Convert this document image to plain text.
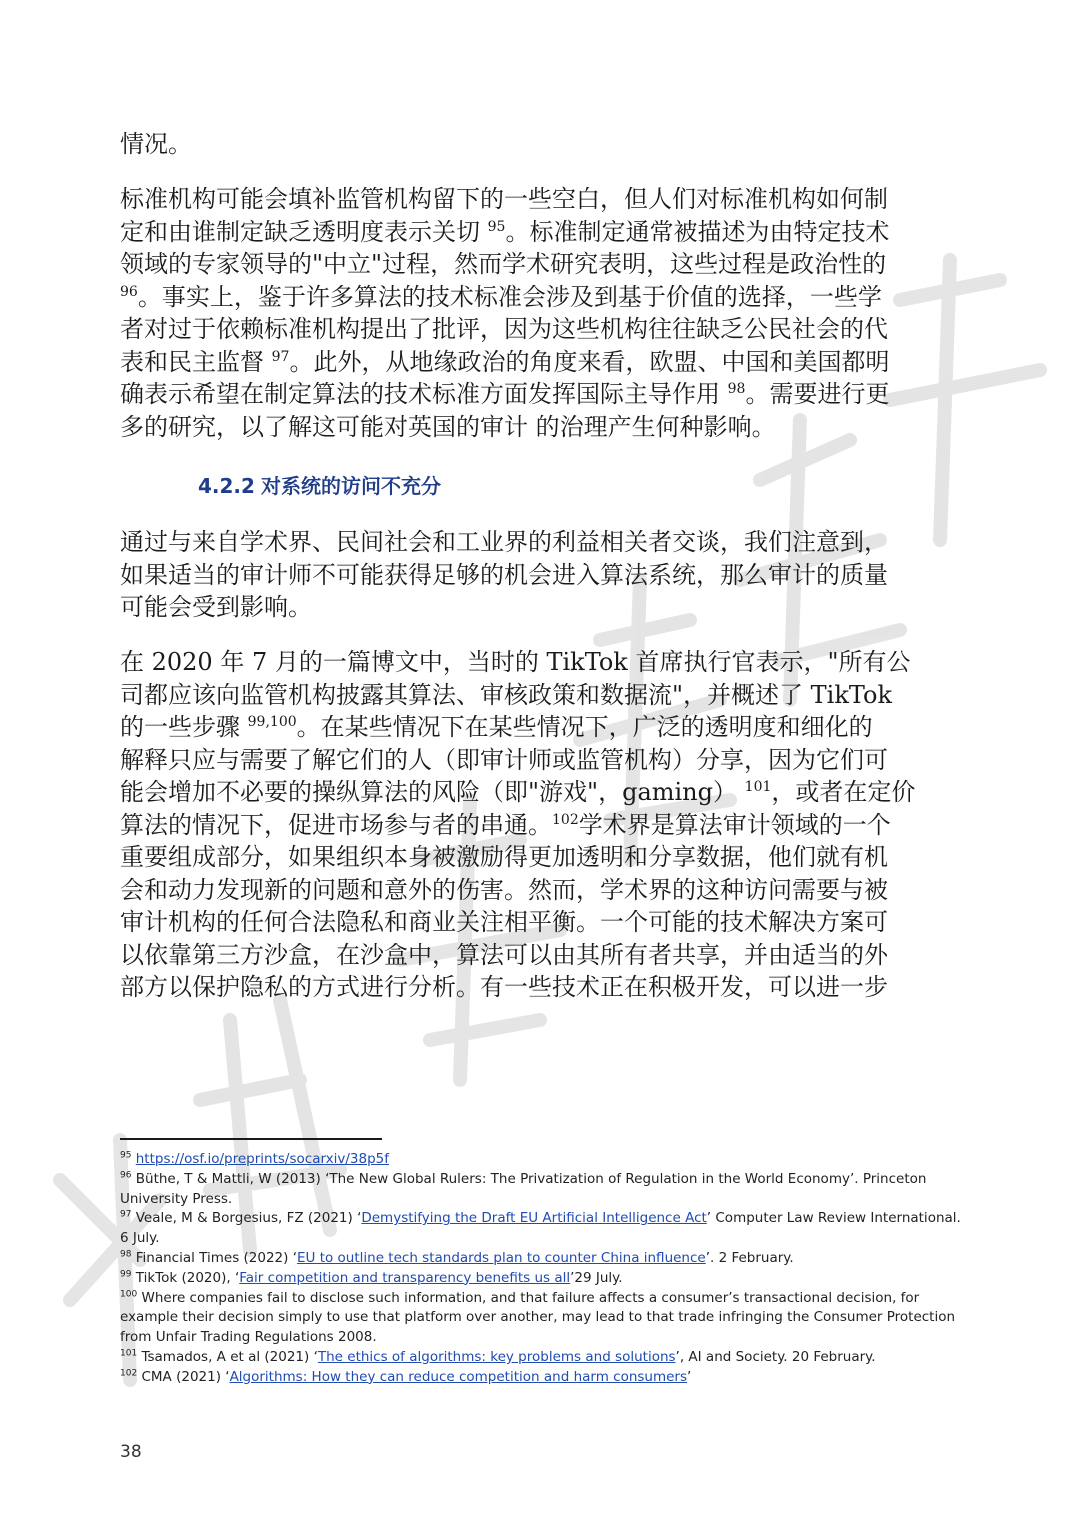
情况。
标准机构可能会填补监管机构留下的一些空白，但人们对标准机构如何制
定和由谁制定缺乏透明度表示关切 $^{95}$。标准制定通常被描述为由特定技术
领域的专家领导的"中立"过程，然而学术研究表明，这些过程是政治性的
$^{96}$。事实上，鉴于许多算法的技术标准会涉及到基于价值的选择，一些学
者对过于依赖标准机构提出了批评，因为这些机构往往缺乏公民社会的代
表和民主监督 $^{97}$。此外，从地缘政治的角度来看，欧盟、中国和美国都明
确表示希望在制定算法的技术标准方面发挥国际主导作用 $^{98}$。需要进行更
多的研究，以了解这可能对英国的审计 的治理产生何种影响。
4.2.2 对系统的访问不充分
通过与来自学术界、民间社会和工业界的利益相关者交谈，我们注意到，
如果适当的审计师不可能获得足够的机会进入算法系统，那么审计的质量
可能会受到影响。
在 2020 年 7 月的一篇博文中，当时的 TikTok 首席执行官表示，"所有公
司都应该向监管机构披露其算法、审核政策和数据流"，并概述了 TikTok
的一些步骤 $^{99,100}$。在某些情况下在某些情况下，广泛的透明度和细化的
解释只应与需要了解它们的人（即审计师或监管机构）分享，因为它们可
能会增加不必要的操纵算法的风险（即"游戏"，gaming） $^{101}$，或者在定价
算法的情况下，促进市场参与者的串通。$^{102}$学术界是算法审计领域的一个
重要组成部分，如果组织本身被激励得更加透明和分享数据，他们就有机
会和动力发现新的问题和意外的伤害。然而，学术界的这种访问需要与被
审计机构的任何合法隐私和商业关注相平衡。一个可能的技术解决方案可
以依靠第三方沙盒，在沙盒中，算法可以由其所有者共享，并由适当的外
部方以保护隐私的方式进行分析。有一些技术正在积极开发，可以进一步
$^{95}$ https://osf.io/preprints/socarxiv/38p5f
$^{96}$ Büthe, T & Mattli, W (2013) ‘The New Global Rulers: The Privatization of Regulation in the World Economy’. Princeton
University Press.
$^{97}$ Veale, M & Borgesius, FZ (2021) ‘Demystifying the Draft EU Artificial Intelligence Act’ Computer Law Review International.
6 July.
$^{98}$ Financial Times (2022) ‘EU to outline tech standards plan to counter China influence’. 2 February.
$^{99}$ TikTok (2020), ‘Fair competition and transparency benefits us all’29 July.
$^{100}$ Where companies fail to disclose such information, and that failure affects a consumer’s transactional decision, for
example their decision simply to use that platform over another, may lead to that trade infringing the Consumer Protection
from Unfair Trading Regulations 2008.
$^{101}$ Tsamados, A et al (2021) ‘The ethics of algorithms: key problems and solutions’, AI and Society. 20 February.
$^{102}$ CMA (2021) ‘Algorithms: How they can reduce competition and harm consumers’
38
